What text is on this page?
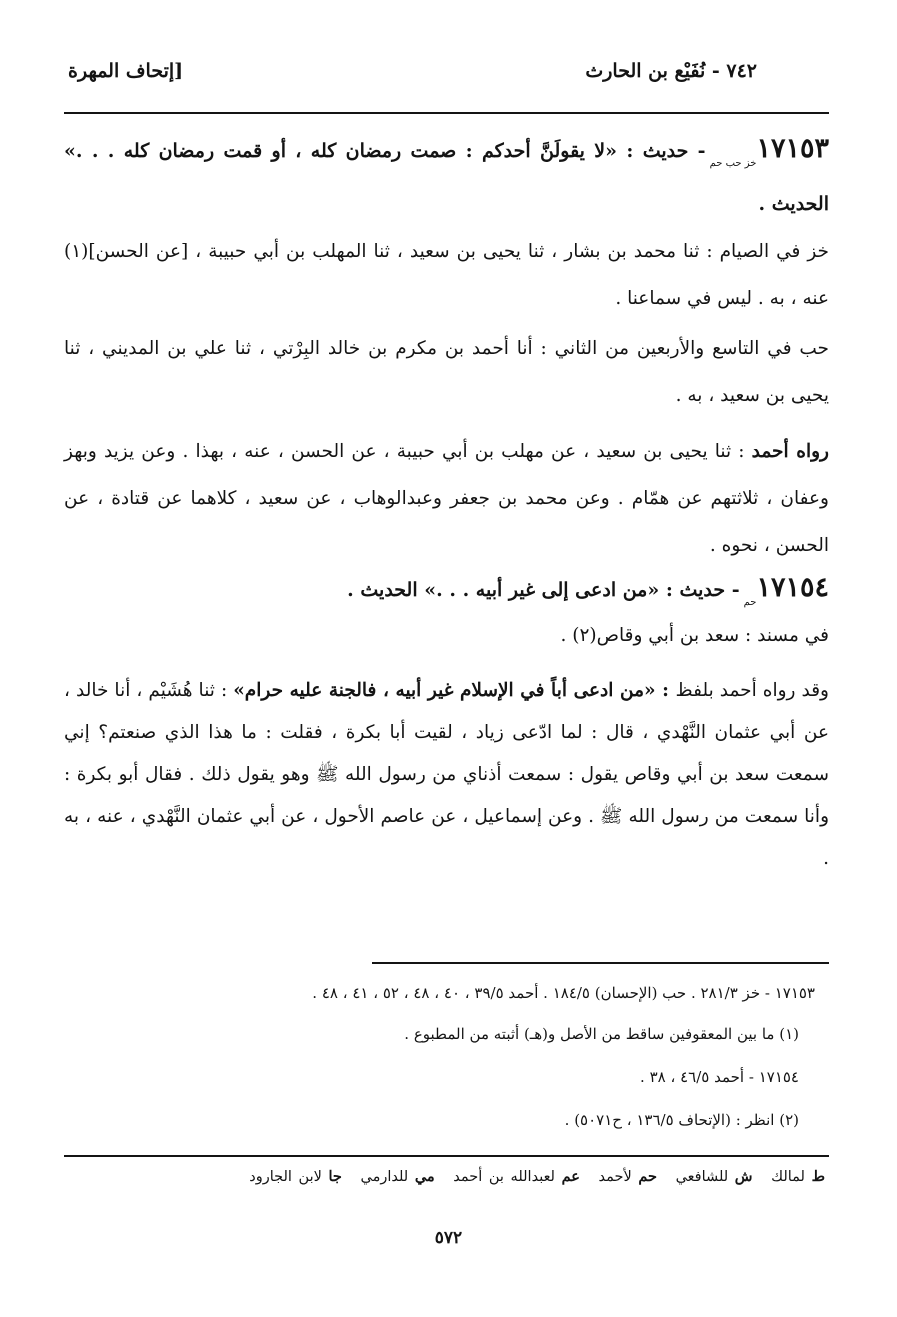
٧٤٢ - نُفَيْع بن الحارث
[إتحاف المهرة
١٧١٥٣خز حب حم- حديث : «لا يقولَنَّ أحدكم : صمت رمضان كله ، أو قمت رمضان كله . . .» الحديث .

خز في الصيام : ثنا محمد بن بشار ، ثنا يحيى بن سعيد ، ثنا المهلب بن أبي حبيبة ، [عن الحسن](١) عنه ، به . ليس في سماعنا .

حب في التاسع والأربعين من الثاني : أنا أحمد بن مكرم بن خالد البِرْتي ، ثنا علي بن المديني ، ثنا يحيى بن سعيد ، به .

رواه أحمد : ثنا يحيى بن سعيد ، عن مهلب بن أبي حبيبة ، عن الحسن ، عنه ، بهذا . وعن يزيد وبهز وعفان ، ثلاثتهم عن همّام . وعن محمد بن جعفر وعبدالوهاب ، عن سعيد ، كلاهما عن قتادة ، عن الحسن ، نحوه .

١٧١٥٤حم- حديث : «من ادعى إلى غير أبيه . . .» الحديث .

في مسند : سعد بن أبي وقاص(٢) .

وقد رواه أحمد بلفظ : «من ادعى أباً في الإسلام غير أبيه ، فالجنة عليه حرام» : ثنا هُشَيْم ، أنا خالد ، عن أبي عثمان النَّهْدي ، قال : لما ادّعى زياد ، لقيت أبا بكرة ، فقلت : ما هذا الذي صنعتم؟ إني سمعت سعد بن أبي وقاص يقول : سمعت أذناي من رسول الله ﷺ وهو يقول ذلك . فقال أبو بكرة : وأنا سمعت من رسول الله ﷺ . وعن إسماعيل ، عن عاصم الأحول ، عن أبي عثمان النَّهْدي ، عنه ، به .

١٧١٥٣ - خز ٢٨١/٣ . حب (الإحسان) ١٨٤/٥ . أحمد ٣٩/٥ ، ٤٠ ، ٤٨ ، ٥٢ ، ٤١ ، ٤٨ .
(١) ما بين المعقوفين ساقط من الأصل و(هـ) أثبته من المطبوع .
١٧١٥٤ - أحمد ٤٦/٥ ، ٣٨ .
(٢) انظر : (الإتحاف ١٣٦/٥ ، ح٥٠٧١) .
ط لمالك ش للشافعي حم لأحمد عم لعبدالله بن أحمد مي للدارمي جا لابن الجارود
٥٧٢
